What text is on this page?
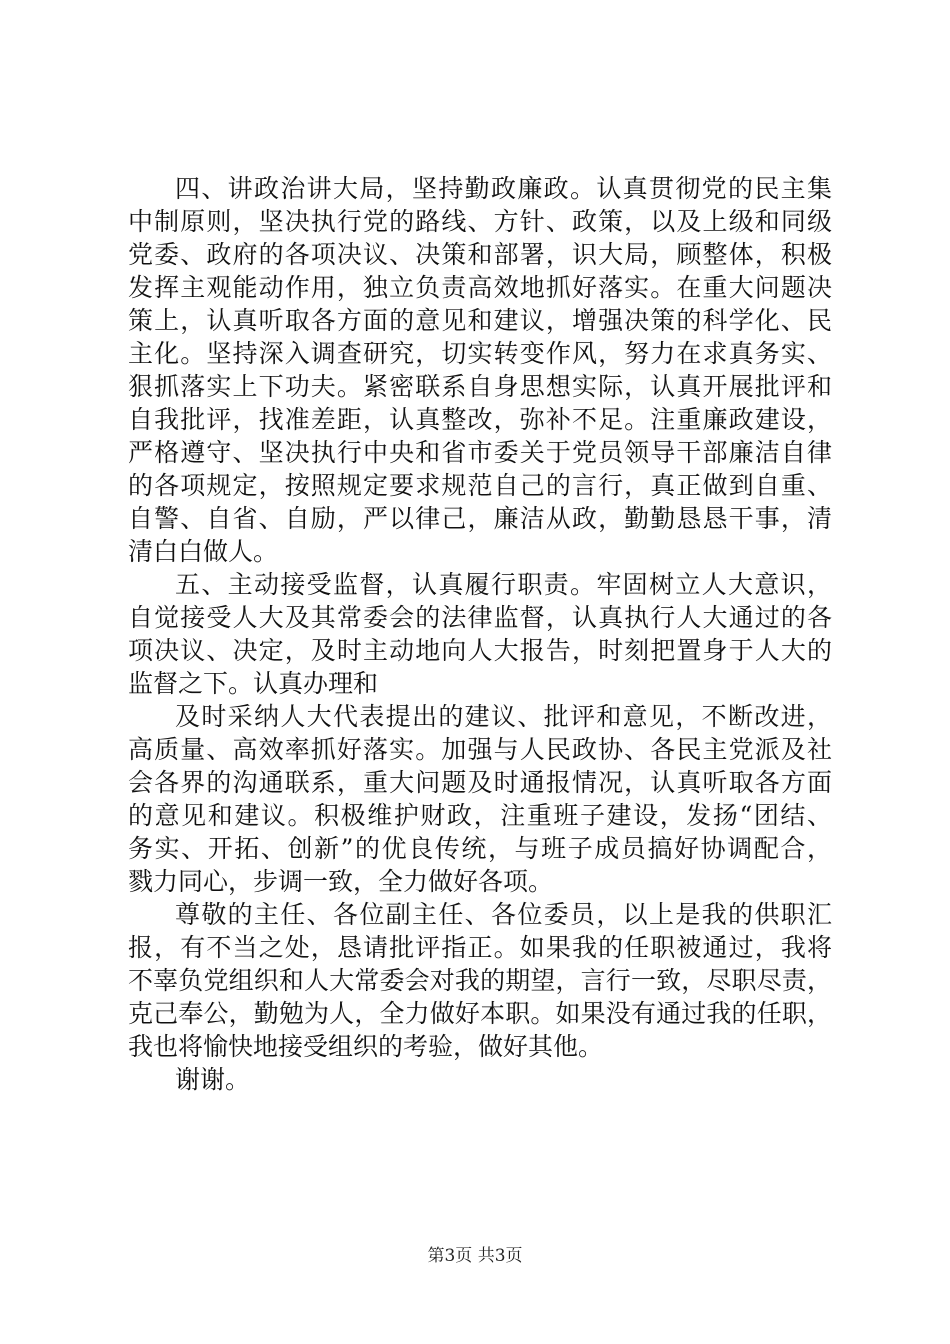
四、讲政治讲大局，坚持勤政廉政。认真贯彻党的民主集
中制原则，坚决执行党的路线、方针、政策，以及上级和同级
党委、政府的各项决议、决策和部署，识大局，顾整体，积极
发挥主观能动作用，独立负责高效地抓好落实。在重大问题决
策上，认真听取各方面的意见和建议，增强决策的科学化、民
主化。坚持深入调查研究，切实转变作风，努力在求真务实、
狠抓落实上下功夫。紧密联系自身思想实际，认真开展批评和
自我批评，找准差距，认真整改，弥补不足。注重廉政建设，
严格遵守、坚决执行中央和省市委关于党员领导干部廉洁自律
的各项规定，按照规定要求规范自己的言行，真正做到自重、
自警、自省、自励，严以律己，廉洁从政，勤勤恳恳干事，清
清白白做人。
五、主动接受监督，认真履行职责。牢固树立人大意识，
自觉接受人大及其常委会的法律监督，认真执行人大通过的各
项决议、决定，及时主动地向人大报告，时刻把置身于人大的
监督之下。认真办理和
及时采纳人大代表提出的建议、批评和意见，不断改进，
高质量、高效率抓好落实。加强与人民政协、各民主党派及社
会各界的沟通联系，重大问题及时通报情况，认真听取各方面
的意见和建议。积极维护财政，注重班子建设，发扬“团结、
务实、开拓、创新”的优良传统，与班子成员搞好协调配合，
戮力同心，步调一致，全力做好各项。
尊敬的主任、各位副主任、各位委员，以上是我的供职汇
报，有不当之处，恳请批评指正。如果我的任职被通过，我将
不辜负党组织和人大常委会对我的期望，言行一致，尽职尽责，
克己奉公，勤勉为人，全力做好本职。如果没有通过我的任职，
我也将愉快地接受组织的考验，做好其他。
谢谢。
第3页 共3页
